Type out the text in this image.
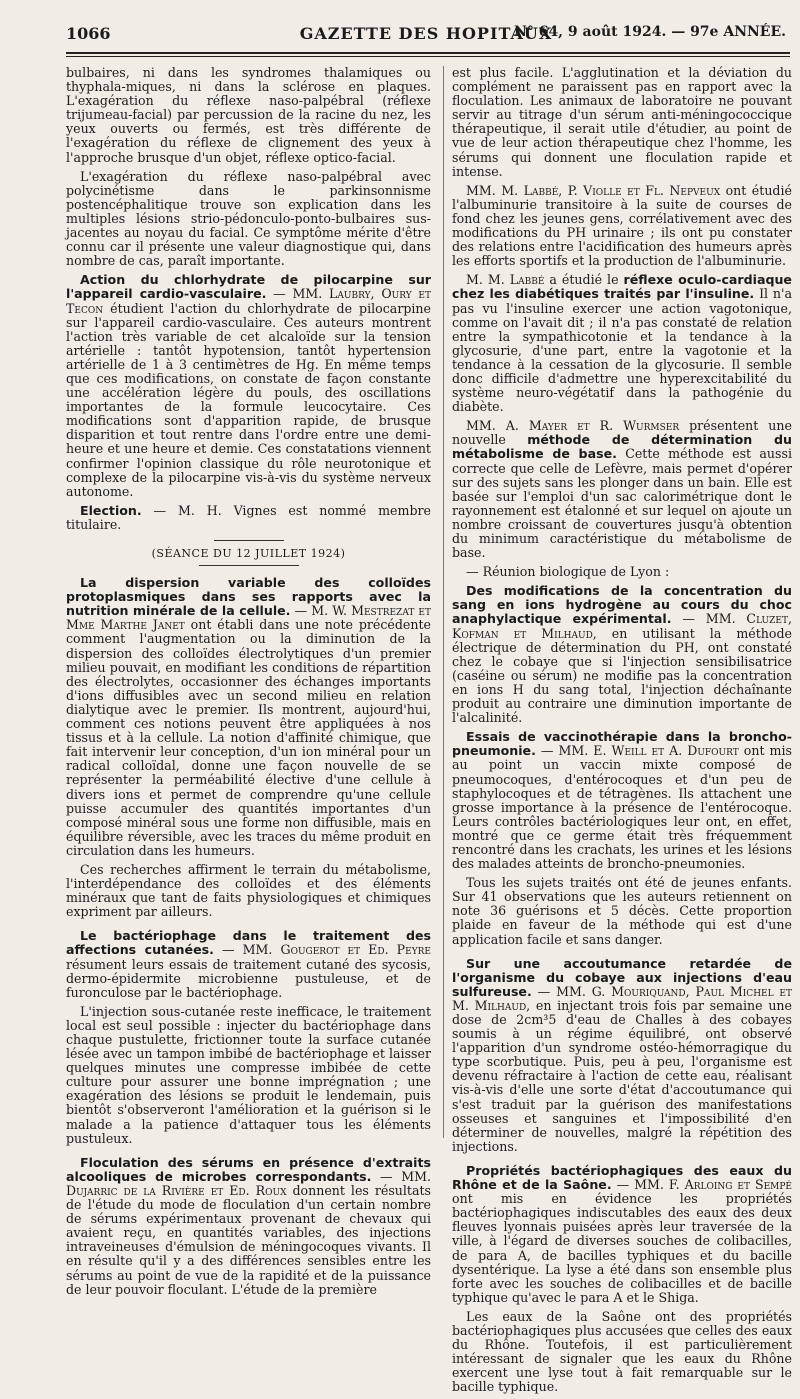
1066	GAZETTE DES HOPITAUX
N° 64, 9 août 1924. — 97e ANNÉE.

bulbaires, ni dans les syndromes thalamiques ou thyphala-miques, ni dans la sclérose en plaques. L'exagération du réflexe naso-palpébral (réflexe trijumeau-facial) par percussion de la racine du nez, les yeux ouverts ou fermés, est très différente de l'exagération du réflexe de clignement des yeux à l'approche brusque d'un objet, réflexe optico-facial.

L'exagération du réflexe naso-palpébral avec polycinétisme dans le parkinsonnisme postencéphalitique trouve son explication dans les multiples lésions strio-pédonculo-ponto-bulbaires sus-jacentes au noyau du facial. Ce symptôme mérite d'être connu car il présente une valeur diagnostique qui, dans nombre de cas, paraît importante.

Action du chlorhydrate de pilocarpine sur l'appareil cardio-vasculaire. — MM. Laubry, Oury et Tecon étudient l'action du chlorhydrate de pilocarpine sur l'appareil cardio-vasculaire. Ces auteurs montrent l'action très variable de cet alcaloïde sur la tension artérielle : tantôt hypotension, tantôt hypertension artérielle de 1 à 3 centimètres de Hg. En même temps que ces modifications, on constate de façon constante une accélération légère du pouls, des oscillations importantes de la formule leucocytaire. Ces modifications sont d'apparition rapide, de brusque disparition et tout rentre dans l'ordre entre une demi-heure et une heure et demie. Ces constatations viennent confirmer l'opinion classique du rôle neurotonique et complexe de la pilocarpine vis-à-vis du système nerveux autonome.

Election. — M. H. Vignes est nommé membre titulaire.

(SÉANCE DU 12 JUILLET 1924)

La dispersion variable des colloïdes protoplasmiques dans ses rapports avec la nutrition minérale de la cellule. — M. W. Mestrezat et Mme Marthe Janet ont établi dans une note précédente comment l'augmentation ou la diminution de la dispersion des colloïdes électrolytiques d'un premier milieu pouvait, en modifiant les conditions de répartition des électrolytes, occasionner des échanges importants d'ions diffusibles avec un second milieu en relation dialytique avec le premier. Ils montrent, aujourd'hui, comment ces notions peuvent être appliquées à nos tissus et à la cellule. La notion d'affinité chimique, que fait intervenir leur conception, d'un ion minéral pour un radical colloïdal, donne une façon nouvelle de se représenter la perméabilité élective d'une cellule à divers ions et permet de comprendre qu'une cellule puisse accumuler des quantités importantes d'un composé minéral sous une forme non diffusible, mais en équilibre réversible, avec les traces du même produit en circulation dans les humeurs.

Ces recherches affirment le terrain du métabolisme, l'interdépendance des colloïdes et des éléments minéraux que tant de faits physiologiques et chimiques expriment par ailleurs.

Le bactériophage dans le traitement des affections cutanées. — MM. Gougerot et Ed. Peyre résument leurs essais de traitement cutané des sycosis, dermo-épidermite microbienne pustuleuse, et de furonculose par le bactériophage.

L'injection sous-cutanée reste inefficace, le traitement local est seul possible : injecter du bactériophage dans chaque pustulette, frictionner toute la surface cutanée lésée avec un tampon imbibé de bactériophage et laisser quelques minutes une compresse imbibée de cette culture pour assurer une bonne imprégnation ; une exagération des lésions se produit le lendemain, puis bientôt s'observeront l'amélioration et la guérison si le malade a la patience d'attaquer tous les éléments pustuleux.

Floculation des sérums en présence d'extraits alcooliques de microbes correspondants. — MM. Dujarric de la Rivière et Ed. Roux donnent les résultats de l'étude du mode de floculation d'un certain nombre de sérums expérimentaux provenant de chevaux qui avaient reçu, en quantités variables, des injections intraveineuses d'émulsion de méningocoques vivants. Il en résulte qu'il y a des différences sensibles entre les sérums au point de vue de la rapidité et de la puissance de leur pouvoir floculant. L'étude de la première

est plus facile. L'agglutination et la déviation du complément ne paraissent pas en rapport avec la floculation. Les animaux de laboratoire ne pouvant servir au titrage d'un sérum anti-méningococcique thérapeutique, il serait utile d'étudier, au point de vue de leur action thérapeutique chez l'homme, les sérums qui donnent une floculation rapide et intense.

MM. M. Labbé, P. Violle et Fl. Nepveux ont étudié l'albuminurie transitoire à la suite de courses de fond chez les jeunes gens, corrélativement avec des modifications du PH urinaire ; ils ont pu constater des relations entre l'acidification des humeurs après les efforts sportifs et la production de l'albuminurie.

M. M. Labbé a étudié le réflexe oculo-cardiaque chez les diabétiques traités par l'insuline. Il n'a pas vu l'insuline exercer une action vagotonique, comme on l'avait dit ; il n'a pas constaté de relation entre la sympathicotonie et la tendance à la glycosurie, d'une part, entre la vagotonie et la tendance à la cessation de la glycosurie. Il semble donc difficile d'admettre une hyperexcitabilité du système neuro-végétatif dans la pathogénie du diabète.

MM. A. Mayer et R. Wurmser présentent une nouvelle méthode de détermination du métabolisme de base. Cette méthode est aussi correcte que celle de Lefèvre, mais permet d'opérer sur des sujets sans les plonger dans un bain. Elle est basée sur l'emploi d'un sac calorimétrique dont le rayonnement est étalonné et sur lequel on ajoute un nombre croissant de couvertures jusqu'à obtention du minimum caractéristique du métabolisme de base.

— Réunion biologique de Lyon :

Des modifications de la concentration du sang en ions hydrogène au cours du choc anaphylactique expérimental. — MM. Cluzet, Kofman et Milhaud, en utilisant la méthode électrique de détermination du PH, ont constaté chez le cobaye que si l'injection sensibilisatrice (caséine ou sérum) ne modifie pas la concentration en ions H du sang total, l'injection déchaînante produit au contraire une diminution importante de l'alcalinité.

Essais de vaccinothérapie dans la broncho-pneumonie. — MM. E. Weill et A. Dufourt ont mis au point un vaccin mixte composé de pneumocoques, d'entérocoques et d'un peu de staphylocoques et de tétragènes. Ils attachent une grosse importance à la présence de l'entérocoque. Leurs contrôles bactériologiques leur ont, en effet, montré que ce germe était très fréquemment rencontré dans les crachats, les urines et les lésions des malades atteints de broncho-pneumonies.

Tous les sujets traités ont été de jeunes enfants. Sur 41 observations que les auteurs retiennent on note 36 guérisons et 5 décès. Cette proportion plaide en faveur de la méthode qui est d'une application facile et sans danger.

Sur une accoutumance retardée de l'organisme du cobaye aux injections d'eau sulfureuse. — MM. G. Mouriquand, Paul Michel et M. Milhaud, en injectant trois fois par semaine une dose de 2cm³5 d'eau de Challes à des cobayes soumis à un régime équilibré, ont observé l'apparition d'un syndrome ostéo-hémorragique du type scorbutique. Puis, peu à peu, l'organisme est devenu réfractaire à l'action de cette eau, réalisant vis-à-vis d'elle une sorte d'état d'accoutumance qui s'est traduit par la guérison des manifestations osseuses et sanguines et l'impossibilité d'en déterminer de nouvelles, malgré la répétition des injections.

Propriétés bactériophagiques des eaux du Rhône et de la Saône. — MM. F. Arloing et Sempé ont mis en évidence les propriétés bactériophagiques indiscutables des eaux des deux fleuves lyonnais puisées après leur traversée de la ville, à l'égard de diverses souches de colibacilles, de para A, de bacilles typhiques et du bacille dysentérique. La lyse a été dans son ensemble plus forte avec les souches de colibacilles et de bacille typhique qu'avec le para A et le Shiga.

Les eaux de la Saône ont des propriétés bactériophagiques plus accusées que celles des eaux du Rhône. Toutefois, il est particulièrement intéressant de signaler que les eaux du Rhône exercent une lyse tout à fait remarquable sur le bacille typhique.
